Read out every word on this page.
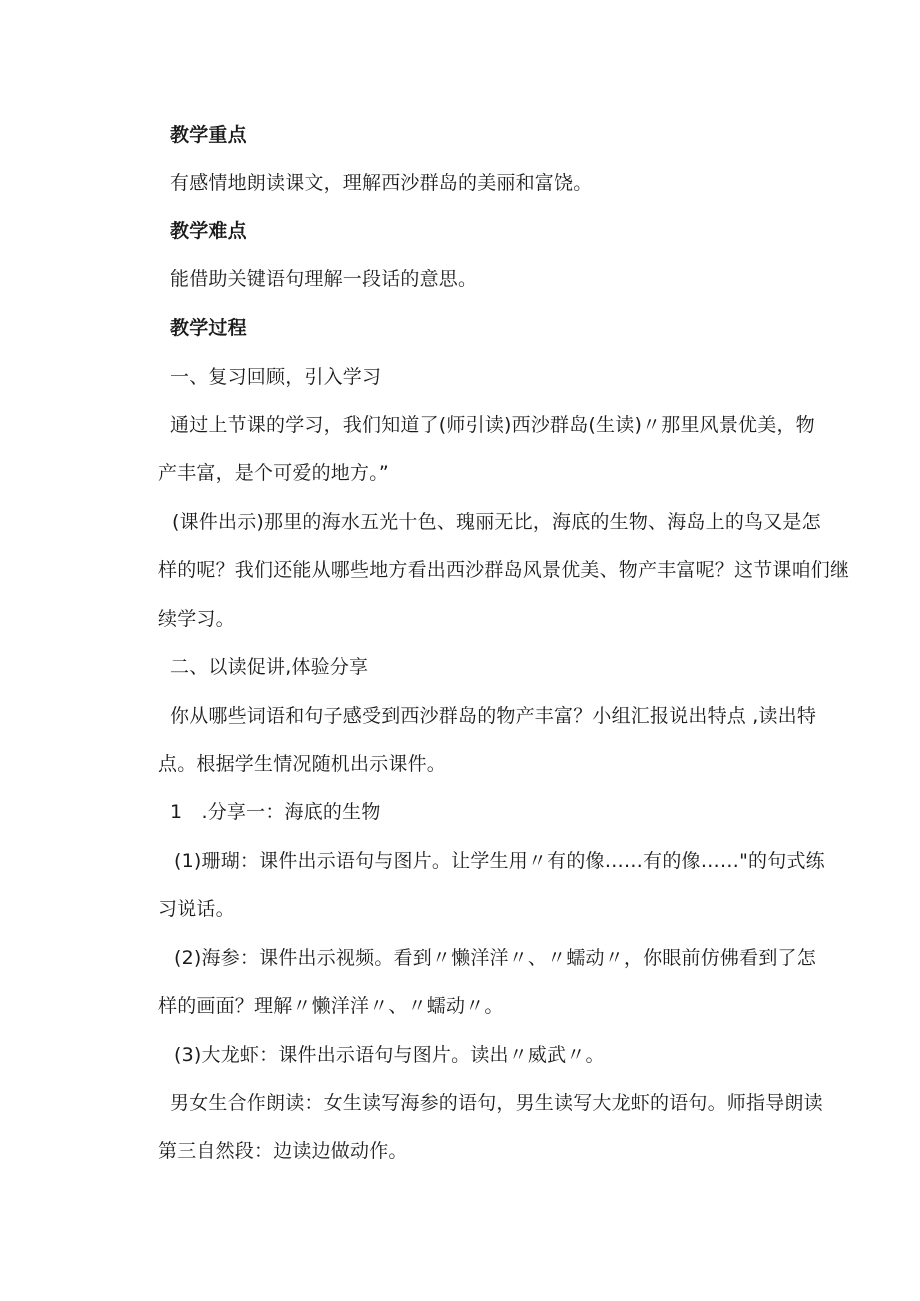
教学重点
有感情地朗读课文，理解西沙群岛的美丽和富饶。
教学难点
能借助关键语句理解一段话的意思。
教学过程
一、复习回顾，引入学习
通过上节课的学习，我们知道了(师引读)西沙群岛(生读)〃那里风景优美，物
产丰富，是个可爱的地方。”
(课件出示)那里的海水五光十色、瑰丽无比，海底的生物、海岛上的鸟又是怎
样的呢？我们还能从哪些地方看出西沙群岛风景优美、物产丰富呢？这节课咱们继
续学习。
二、以读促讲,体验分享
你从哪些词语和句子感受到西沙群岛的物产丰富？小组汇报说出特点 ,读出特
点。根据学生情况随机出示课件。
1　.分享一：海底的生物
(1)珊瑚：课件出示语句与图片。让学生用〃有的像……有的像……"的句式练
习说话。
(2)海参：课件出示视频。看到〃懒洋洋〃、〃蠕动〃，你眼前仿佛看到了怎
样的画面？理解〃懒洋洋〃、〃蠕动〃。
(3)大龙虾：课件出示语句与图片。读出〃威武〃。
男女生合作朗读：女生读写海参的语句，男生读写大龙虾的语句。师指导朗读
第三自然段：边读边做动作。
